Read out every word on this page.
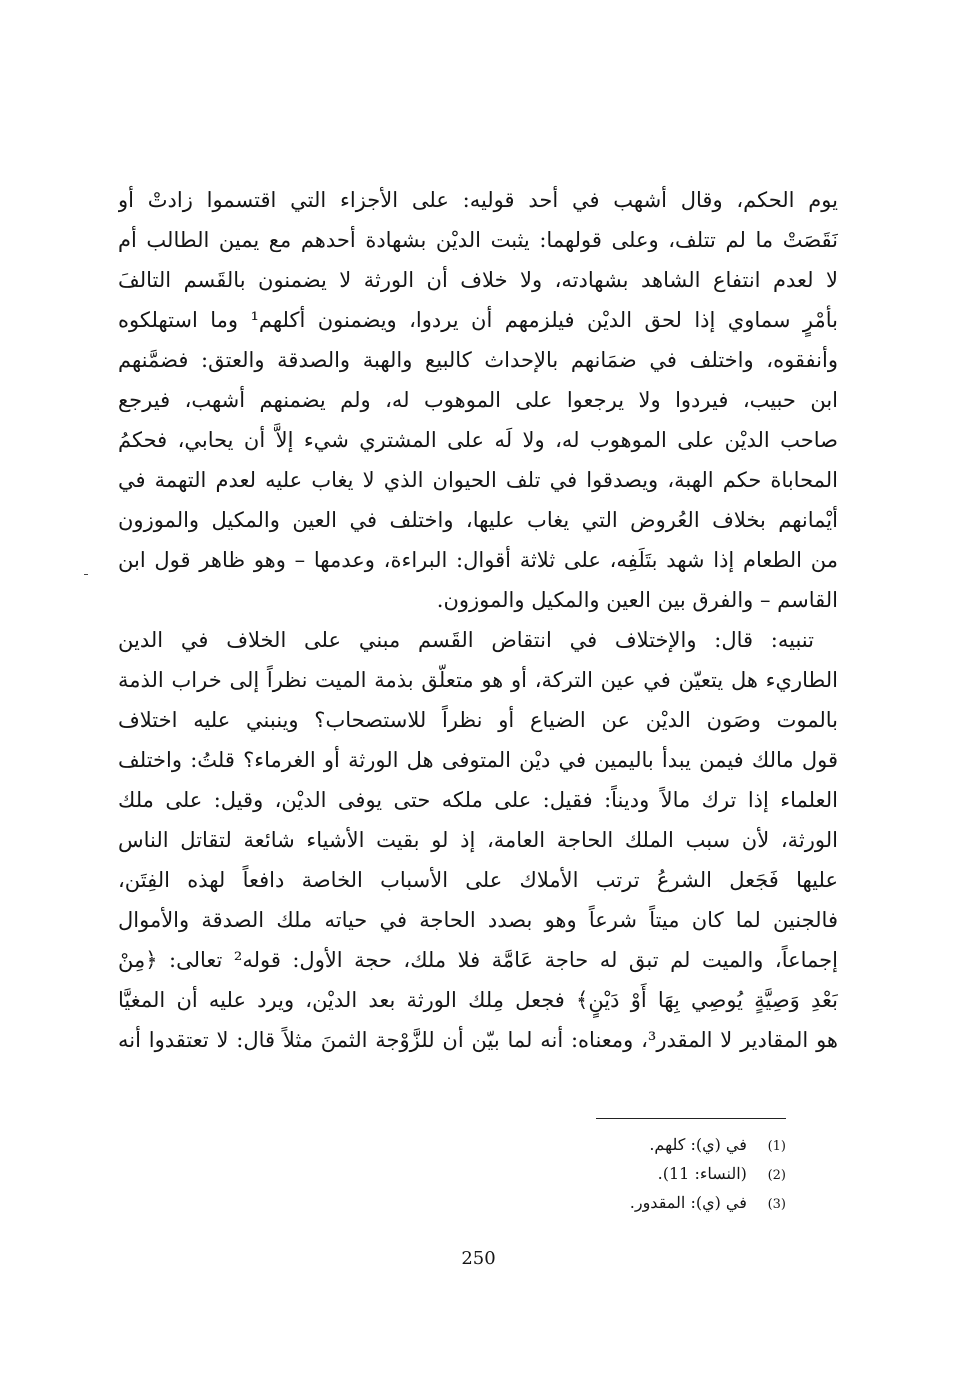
يوم الحكم، وقال أشهب في أحد قوليه: على الأجزاء التي اقتسموا زادتْ أو
نَقَصَتْ ما لم تتلف، وعلى قولهما: يثبت الديْن بشهادة أحدهم مع يمين الطالب أم
لا لعدم انتفاع الشاهد بشهادته، ولا خلاف أن الورثة لا يضمنون بالقَسم التالفَ
بأمْرٍ سماوي إذا لحق الديْن فيلزمهم أن يردوا، ويضمنون أكلهم¹ وما استهلكوه
وأنفقوه، واختلف في ضمَانهم بالإحداث كالبيع والهبة والصدقة والعتق: فضمَّنهم
ابن حبيب، فيردوا ولا يرجعوا على الموهوب له، ولم يضمنهم أشهب، فيرجع
صاحب الديْن على الموهوب له، ولا لَه على المشتري شيء إلاَّ أن يحابي، فحكمُ
المحاباة حكم الهبة، ويصدقوا في تلف الحيوان الذي لا يغاب عليه لعدم التهمة في
أيْمانهم بخلاف العُروض التي يغاب عليها، واختلف في العين والمكيل والموزون
من الطعام إذا شهد بتَلَفِه، على ثلاثة أقوال: البراءة، وعدمها – وهو ظاهر قول ابن
القاسم – والفرق بين العين والمكيل والموزون.
تنبيه: قال: والإختلاف في انتقاض القَسم مبني على الخلاف في الدين
الطاريء هل يتعيّن في عين التركة، أو هو متعلّق بذمة الميت نظراً إلى خراب الذمة
بالموت وصَون الديْن عن الضياع أو نظراً للاستصحاب؟ وينبني عليه اختلاف
قول مالك فيمن يبدأ باليمين في ديْن المتوفى هل الورثة أو الغرماء؟ قلتُ: واختلف
العلماء إذا ترك مالاً وديناً: فقيل: على ملكه حتى يوفى الديْن، وقيل: على ملك
الورثة، لأن سبب الملك الحاجة العامة، إذ لو بقيت الأشياء شائعة لتقاتل الناس
عليها فَجَعل الشرعُ ترتب الأملاك على الأسباب الخاصة دافعاً لهذه الفِتَن،
فالجنين لما كان ميتاً شرعاً وهو بصدد الحاجة في حياته ملك الصدقة والأموال
إجماعاً، والميت لم تبق له حاجة عَامَّة فلا ملك، حجة الأول: قوله² تعالى: ﴿مِنْ
بَعْدِ وَصِيَّةٍ يُوصِي بِهَا أَوْ دَيْنٍ﴾ فجعل مِلك الورثة بعد الديْن، ويرد عليه أن المغيَّا
هو المقادير لا المقدر³، ومعناه: أنه لما بيّن أن للزَّوْجة الثمنَ مثلاً قال: لا تعتقدوا أنه
(1) في (ي): كلهم.
(2) (النساء: 11).
(3) في (ي): المقدور.
250
